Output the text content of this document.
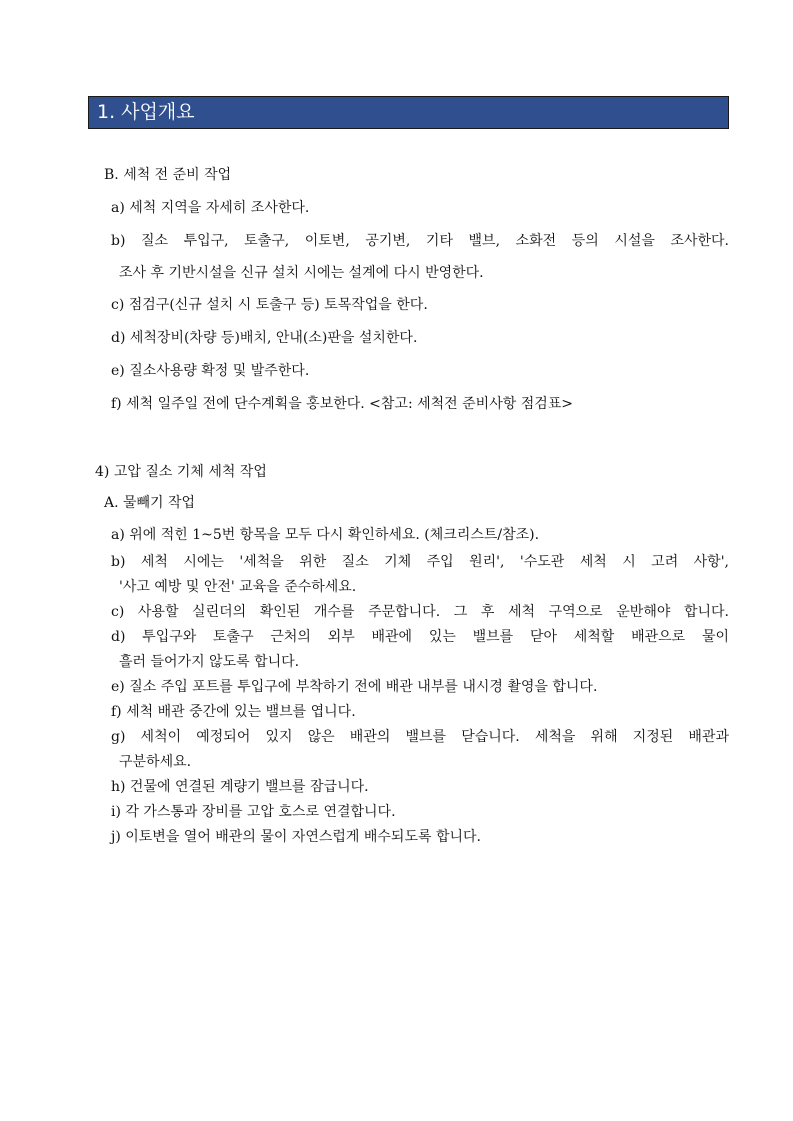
1. 사업개요
B. 세척 전 준비 작업
a) 세척 지역을 자세히 조사한다.
b) 질소 투입구, 토출구, 이토변, 공기변, 기타 밸브, 소화전 등의 시설을 조사한다.
조사 후 기반시설을 신규 설치 시에는 설계에 다시 반영한다.
c) 점검구(신규 설치 시 토출구 등) 토목작업을 한다.
d) 세척장비(차량 등)배치, 안내(소)판을 설치한다.
e) 질소사용량 확정 및 발주한다.
f) 세척 일주일 전에 단수계획을 홍보한다. <참고: 세척전 준비사항 점검표>
4) 고압 질소 기체 세척 작업
A. 물빼기 작업
a) 위에 적힌 1~5번 항목을 모두 다시 확인하세요. (체크리스트/참조).
b) 세척 시에는 '세척을 위한 질소 기체 주입 원리', '수도관 세척 시 고려 사항',
'사고 예방 및 안전' 교육을 준수하세요.
c) 사용할 실린더의 확인된 개수를 주문합니다. 그 후 세척 구역으로 운반해야 합니다.
d) 투입구와 토출구 근처의 외부 배관에 있는 밸브를 닫아 세척할 배관으로 물이
흘러 들어가지 않도록 합니다.
e) 질소 주입 포트를 투입구에 부착하기 전에 배관 내부를 내시경 촬영을 합니다.
f) 세척 배관 중간에 있는 밸브를 엽니다.
g) 세척이 예정되어 있지 않은 배관의 밸브를 닫습니다. 세척을 위해 지정된 배관과
구분하세요.
h) 건물에 연결된 계량기 밸브를 잠급니다.
i) 각 가스통과 장비를 고압 호스로 연결합니다.
j) 이토변을 열어 배관의 물이 자연스럽게 배수되도록 합니다.
